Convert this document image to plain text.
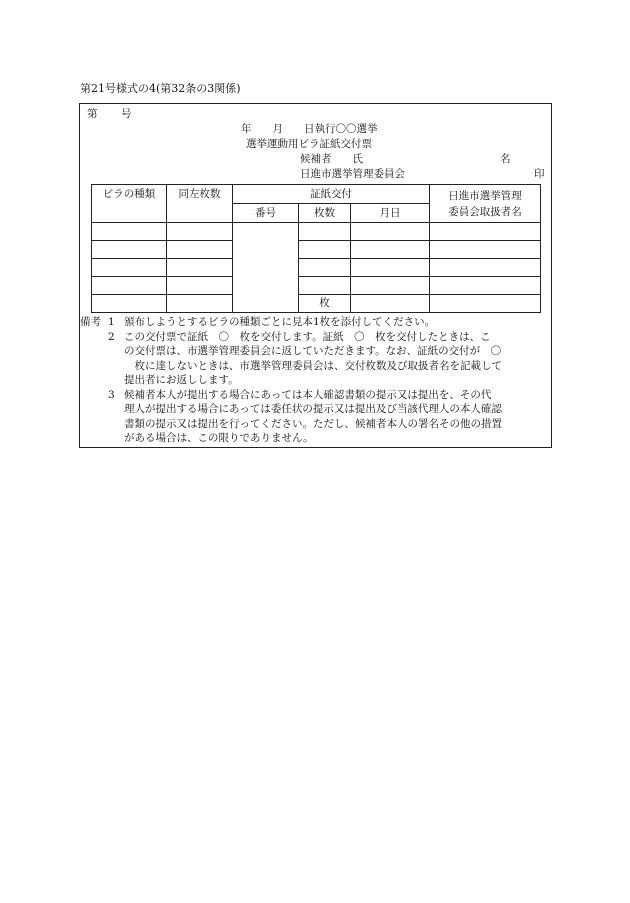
第21号様式の4(第32条の3関係)
第 号
年　　月　　日執行〇〇選挙
選挙運動用ビラ証紙交付票
候補者　　氏	名
日進市選挙管理委員会	印
ビラの種類	同左枚数	証紙交付			日進市選挙管理
委員会取扱者名

		番号	枚数	月日	

			枚		
備考 1 頒布しようとするビラの種類ごとに見本1枚を添付してください。
2 この交付票で証紙　〇　枚を交付します。証紙　〇　枚を交付したときは、こ
の交付票は、市選挙管理委員会に返していただきます。なお、証紙の交付が　〇
　枚に達しないときは、市選挙管理委員会は、交付枚数及び取扱者名を記載して
提出者にお返しします。
3 候補者本人が提出する場合にあっては本人確認書類の提示又は提出を、その代
理人が提出する場合にあっては委任状の提示又は提出及び当該代理人の本人確認
書類の提示又は提出を行ってください。ただし、候補者本人の署名その他の措置
がある場合は、この限りでありません。
